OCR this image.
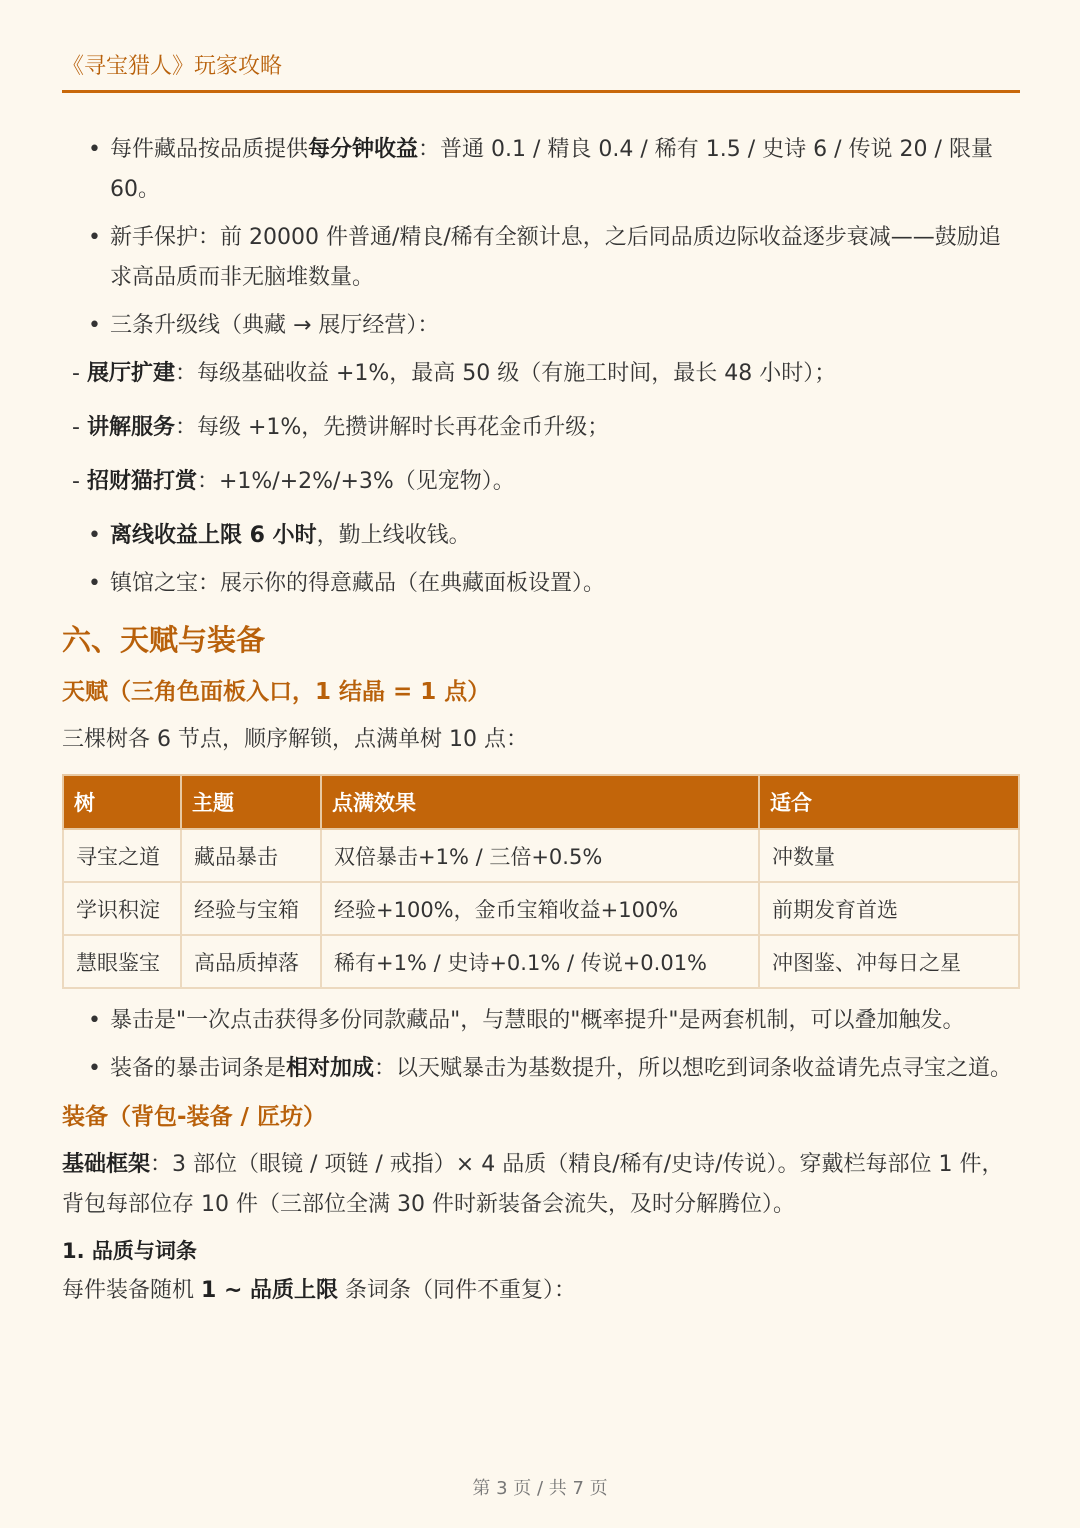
《寻宝猎人》玩家攻略
• 每件藏品按品质提供每分钟收益：普通 0.1 / 精良 0.4 / 稀有 1.5 / 史诗 6 / 传说 20 / 限量 60。
• 新手保护：前 20000 件普通/精良/稀有全额计息，之后同品质边际收益逐步衰减——鼓励追求高品质而非无脑堆数量。
• 三条升级线（典藏 → 展厅经营）：
- 展厅扩建：每级基础收益 +1%，最高 50 级（有施工时间，最长 48 小时）；
- 讲解服务：每级 +1%，先攒讲解时长再花金币升级；
- 招财猫打赏：+1%/+2%/+3%（见宠物）。
• 离线收益上限 6 小时，勤上线收钱。
• 镇馆之宝：展示你的得意藏品（在典藏面板设置）。
六、天赋与装备
天赋（三角色面板入口，1 结晶 = 1 点）
三棵树各 6 节点，顺序解锁，点满单树 10 点：
树	主题	点满效果	适合
寻宝之道	藏品暴击	双倍暴击+1% / 三倍+0.5%	冲数量
学识积淀	经验与宝箱	经验+100%，金币宝箱收益+100%	前期发育首选
慧眼鉴宝	高品质掉落	稀有+1% / 史诗+0.1% / 传说+0.01%	冲图鉴、冲每日之星
• 暴击是"一次点击获得多份同款藏品"，与慧眼的"概率提升"是两套机制，可以叠加触发。
• 装备的暴击词条是相对加成：以天赋暴击为基数提升，所以想吃到词条收益请先点寻宝之道。
装备（背包-装备 / 匠坊）
基础框架：3 部位（眼镜 / 项链 / 戒指）× 4 品质（精良/稀有/史诗/传说）。穿戴栏每部位 1 件，背包每部位存 10 件（三部位全满 30 件时新装备会流失，及时分解腾位）。
1. 品质与词条
每件装备随机 1 ~ 品质上限 条词条（同件不重复）：
第 3 页 / 共 7 页
